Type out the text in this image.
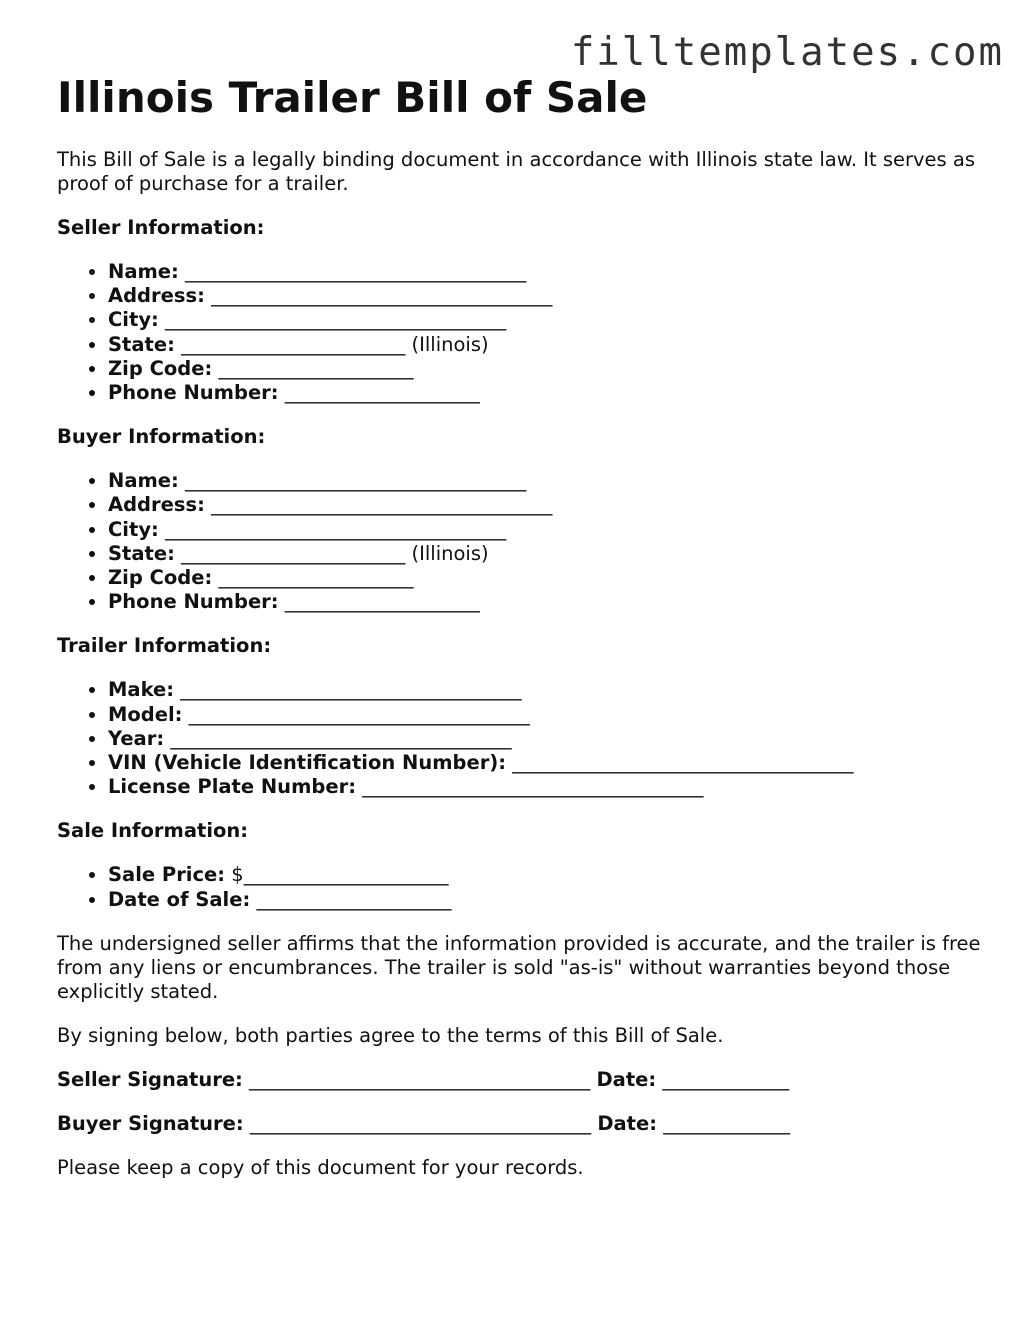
filltemplates.com
Illinois Trailer Bill of Sale

This Bill of Sale is a legally binding document in accordance with Illinois state law. It serves as proof of purchase for a trailer.

Seller Information:

• Name: ___________________________________
• Address: ___________________________________
• City: ___________________________________
• State: _______________________ (Illinois)
• Zip Code: ____________________
• Phone Number: ____________________

Buyer Information:

• Name: ___________________________________
• Address: ___________________________________
• City: ___________________________________
• State: _______________________ (Illinois)
• Zip Code: ____________________
• Phone Number: ____________________

Trailer Information:

• Make: ___________________________________
• Model: ___________________________________
• Year: ___________________________________
• VIN (Vehicle Identification Number): ___________________________________
• License Plate Number: ___________________________________

Sale Information:

• Sale Price: $_____________________
• Date of Sale: ____________________

The undersigned seller affirms that the information provided is accurate, and the trailer is free from any liens or encumbrances. The trailer is sold "as-is" without warranties beyond those explicitly stated.

By signing below, both parties agree to the terms of this Bill of Sale.

Seller Signature: ___________________________________ Date: _____________

Buyer Signature: ___________________________________ Date: _____________

Please keep a copy of this document for your records.
